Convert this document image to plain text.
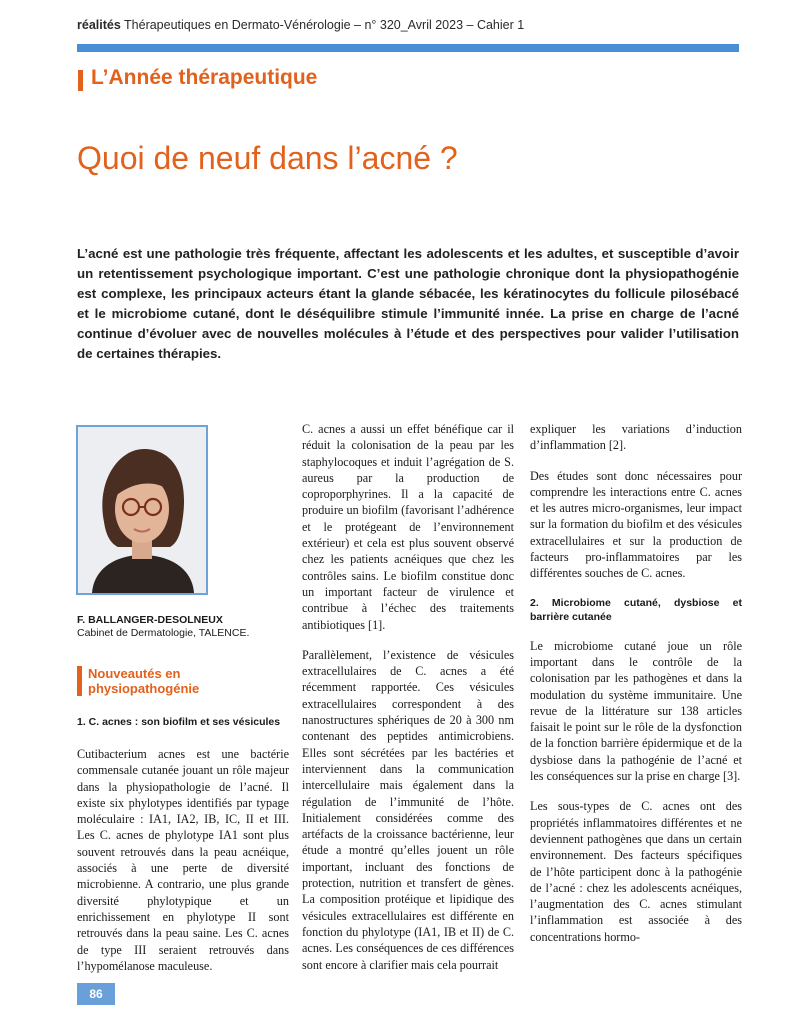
réalités Thérapeutiques en Dermato-Vénérologie – n° 320_Avril 2023 – Cahier 1
L’Année thérapeutique
Quoi de neuf dans l’acné ?
L’acné est une pathologie très fréquente, affectant les adolescents et les adultes, et susceptible d’avoir un retentissement psychologique important. C’est une pathologie chronique dont la physiopathogénie est complexe, les principaux acteurs étant la glande sébacée, les kératinocytes du follicule pilosébacé et le microbiome cutané, dont le déséquilibre stimule l’immunité innée. La prise en charge de l’acné continue d’évoluer avec de nouvelles molécules à l’étude et des perspectives pour valider l’utilisation de certaines thérapies.
F. BALLANGER-DESOLNEUX
Cabinet de Dermatologie, TALENCE.
Nouveautés en physiopathogénie
1. C. acnes : son biofilm et ses vésicules

Cutibacterium acnes est une bactérie commensale cutanée jouant un rôle majeur dans la physiopathologie de l’acné. Il existe six phylotypes identifiés par typage moléculaire : IA1, IA2, IB, IC, II et III. Les C. acnes de phylotype IA1 sont plus souvent retrouvés dans la peau acnéique, associés à une perte de diversité microbienne. A contrario, une plus grande diversité phylotypique et un enrichissement en phylotype II sont retrouvés dans la peau saine. Les C. acnes de type III seraient retrouvés dans l’hypomélanose maculeuse.

C. acnes a aussi un effet bénéfique car il réduit la colonisation de la peau par les staphylocoques et induit l’agrégation de S. aureus par la production de coproporphyrines. Il a la capacité de produire un biofilm (favorisant l’adhérence et le protégeant de l’environnement extérieur) et cela est plus souvent observé chez les patients acnéiques que chez les contrôles sains. Le biofilm constitue donc un important facteur de virulence et contribue à l’échec des traitements antibiotiques [1].

Parallèlement, l’existence de vésicules extracellulaires de C. acnes a été récemment rapportée. Ces vésicules extracellulaires correspondent à des nanostructures sphériques de 20 à 300 nm contenant des peptides antimicrobiens. Elles sont sécrétées par les bactéries et interviennent dans la communication intercellulaire mais également dans la régulation de l’immunité de l’hôte. Initialement considérées comme des artéfacts de la croissance bactérienne, leur étude a montré qu’elles jouent un rôle important, incluant des fonctions de protection, nutrition et transfert de gènes. La composition protéique et lipidique des vésicules extracellulaires est différente en fonction du phylotype (IA1, IB et II) de C. acnes. Les conséquences de ces différences sont encore à clarifier mais cela pourrait

expliquer les variations d’induction d’inflammation [2].

Des études sont donc nécessaires pour comprendre les interactions entre C. acnes et les autres micro-organismes, leur impact sur la formation du biofilm et des vésicules extracellulaires et sur la production de facteurs pro-inflammatoires par les différentes souches de C. acnes.

2. Microbiome cutané, dysbiose et barrière cutanée

Le microbiome cutané joue un rôle important dans le contrôle de la colonisation par les pathogènes et dans la modulation du système immunitaire. Une revue de la littérature sur 138 articles faisait le point sur le rôle de la dysfonction de la fonction barrière épidermique et de la dysbiose dans la pathogénie de l’acné et les conséquences sur la prise en charge [3].

Les sous-types de C. acnes ont des propriétés inflammatoires différentes et ne deviennent pathogènes que dans un certain environnement. Des facteurs spécifiques de l’hôte participent donc à la pathogénie de l’acné : chez les adolescents acnéiques, l’augmentation des C. acnes stimulant l’inflammation est associée à des concentrations hormo-

86
